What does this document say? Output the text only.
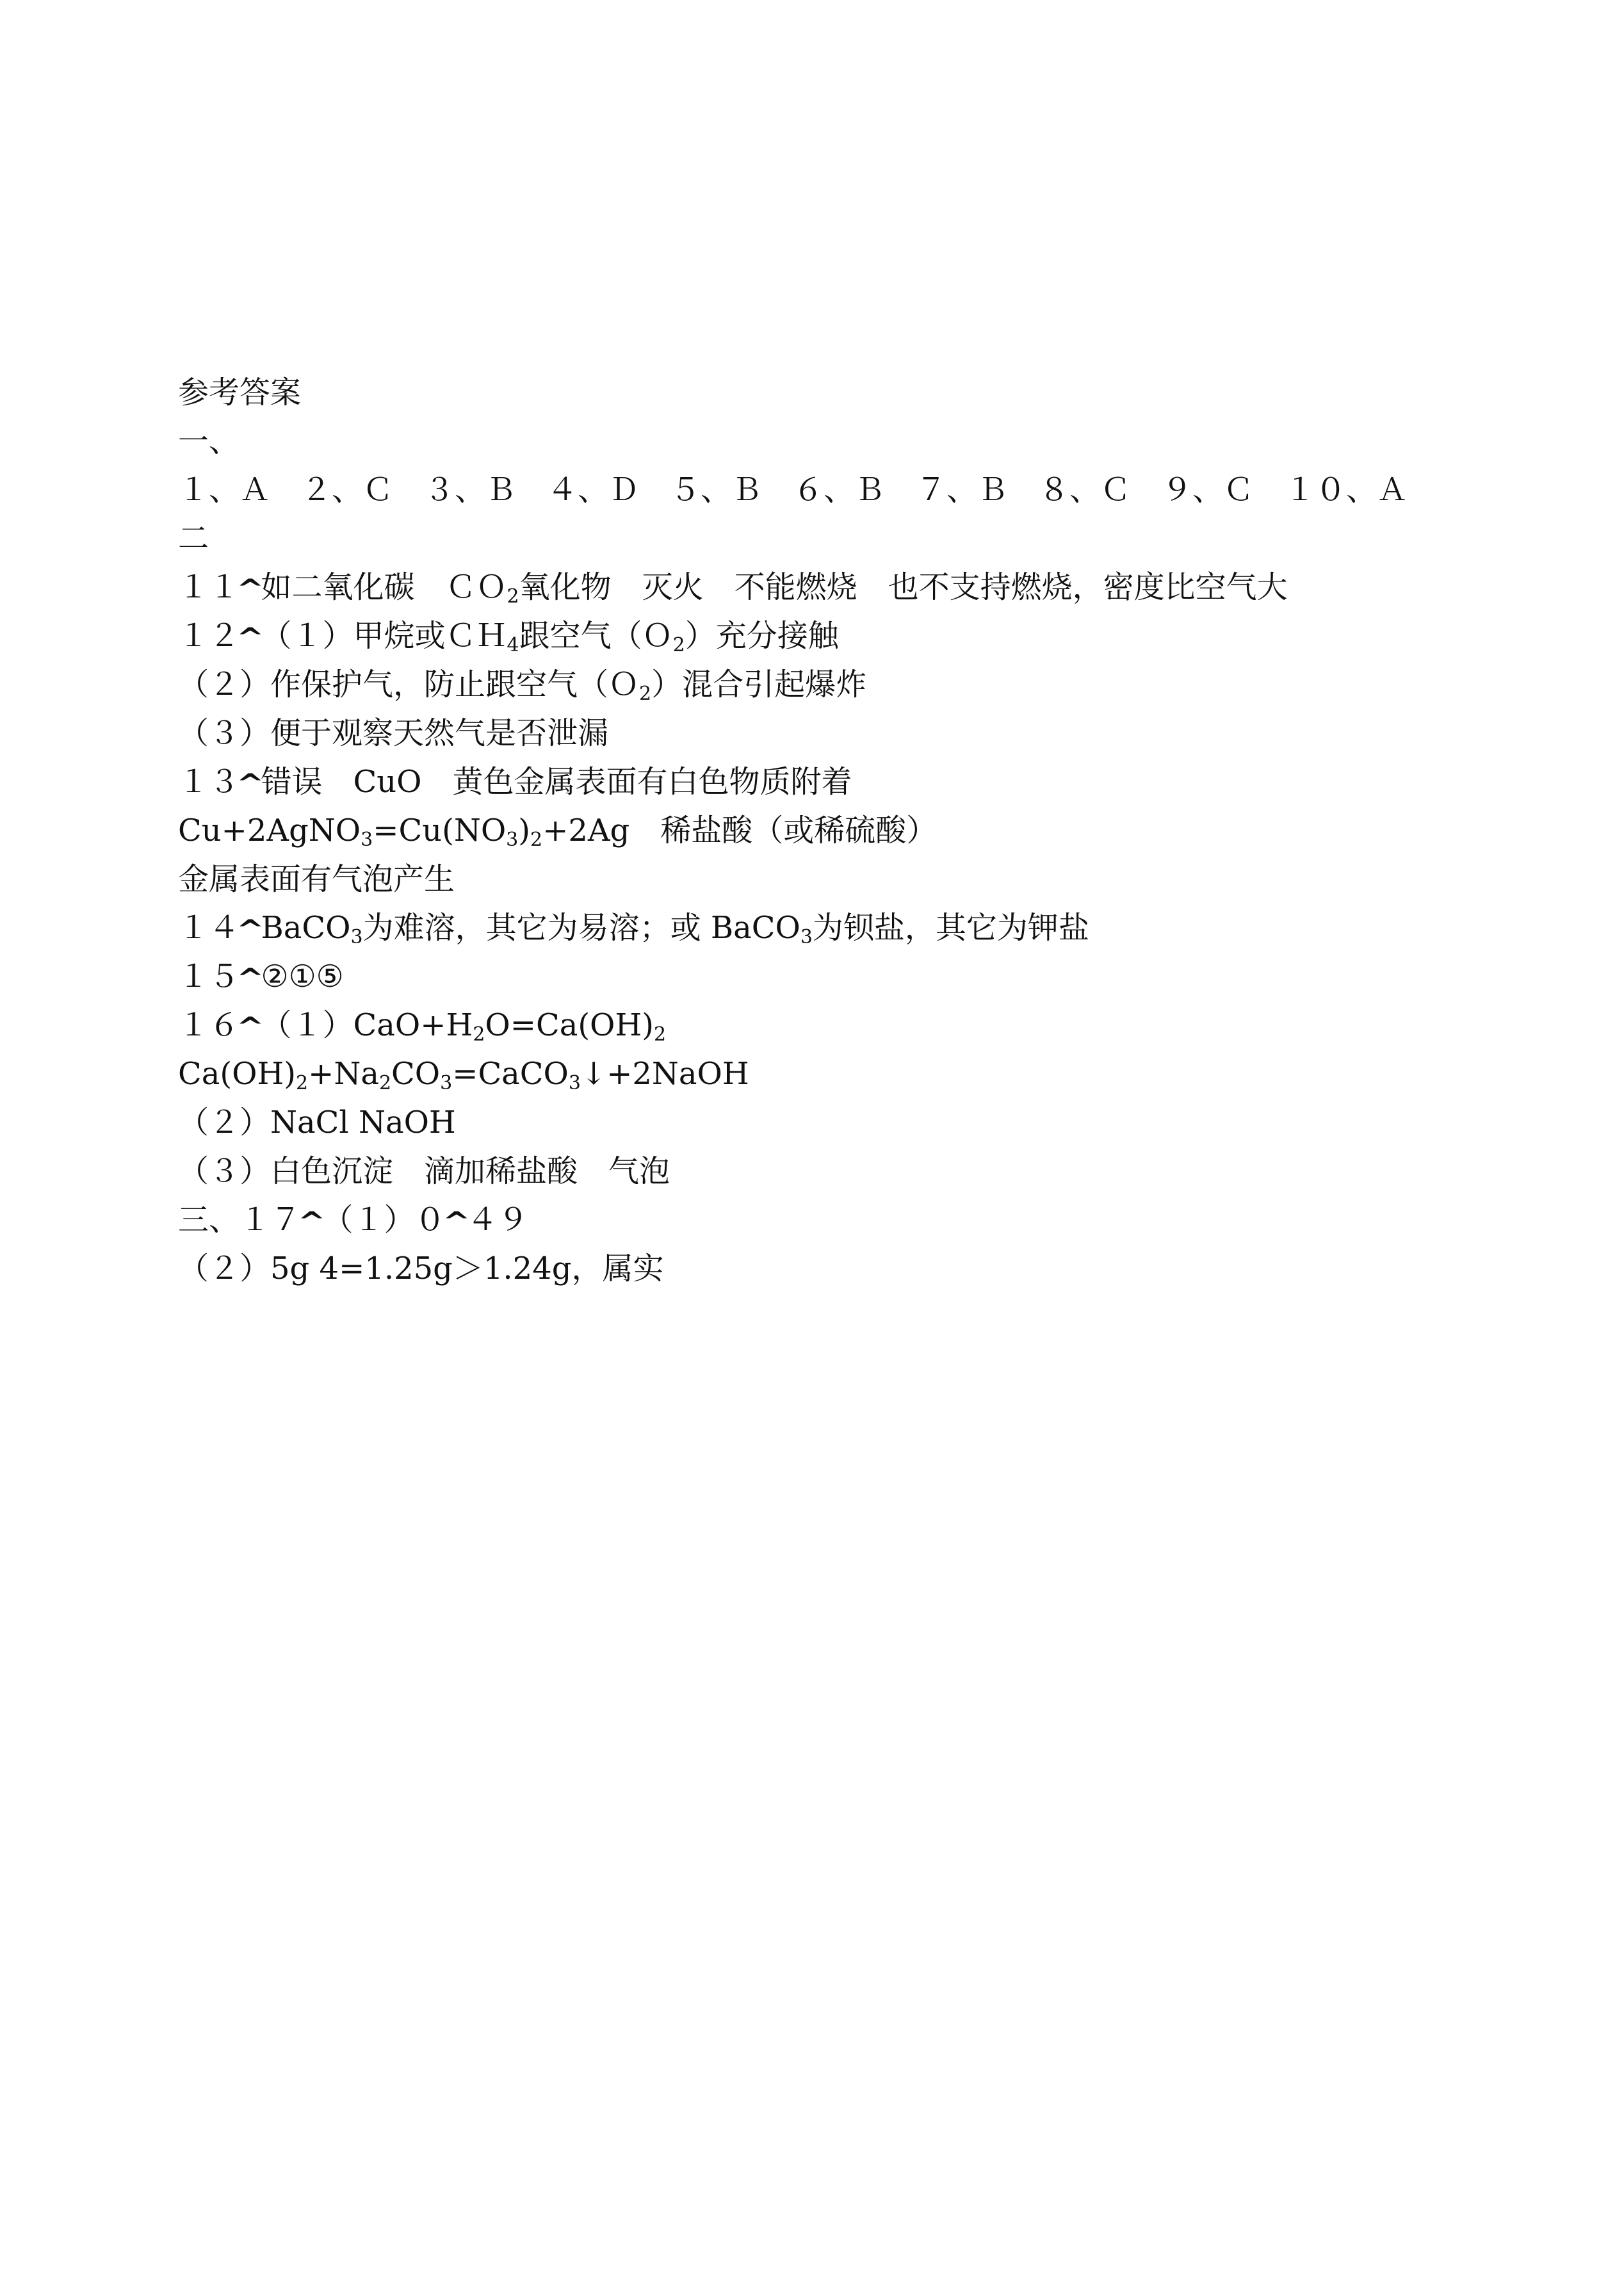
参考答案
一、
１、Ａ　２、Ｃ　３、Ｂ　４、Ｄ　５、Ｂ　６、Ｂ　７、Ｂ　８、Ｃ　９、Ｃ　１０、Ａ
二
１１^如二氧化碳　ＣＯ$_2$氧化物　灭火　不能燃烧　也不支持燃烧，密度比空气大
１２^（１）甲烷或ＣＨ$_4$跟空气（Ｏ$_2$）充分接触
（２）作保护气，防止跟空气（Ｏ$_2$）混合引起爆炸
（３）便于观察天然气是否泄漏
１３^错误　CuO　黄色金属表面有白色物质附着
$Cu+2AgNO_3=Cu(NO_3)_2+2Ag$　稀盐酸（或稀硫酸）
金属表面有气泡产生
１４^BaCO$_3$为难溶，其它为易溶；或 BaCO$_3$为钡盐，其它为钾盐
１５^②①⑤
$16\^{}(1)CaO+H_2O=Ca(OH)_2$
$Ca(OH)_2+Na_2CO_3=CaCO_3↓+2NaOH$
（２）NaCl NaOH
（３）白色沉淀　滴加稀盐酸　气泡
三、１７^（１）０^４９
（２）5g 4=1.25g＞1.24g，属实
